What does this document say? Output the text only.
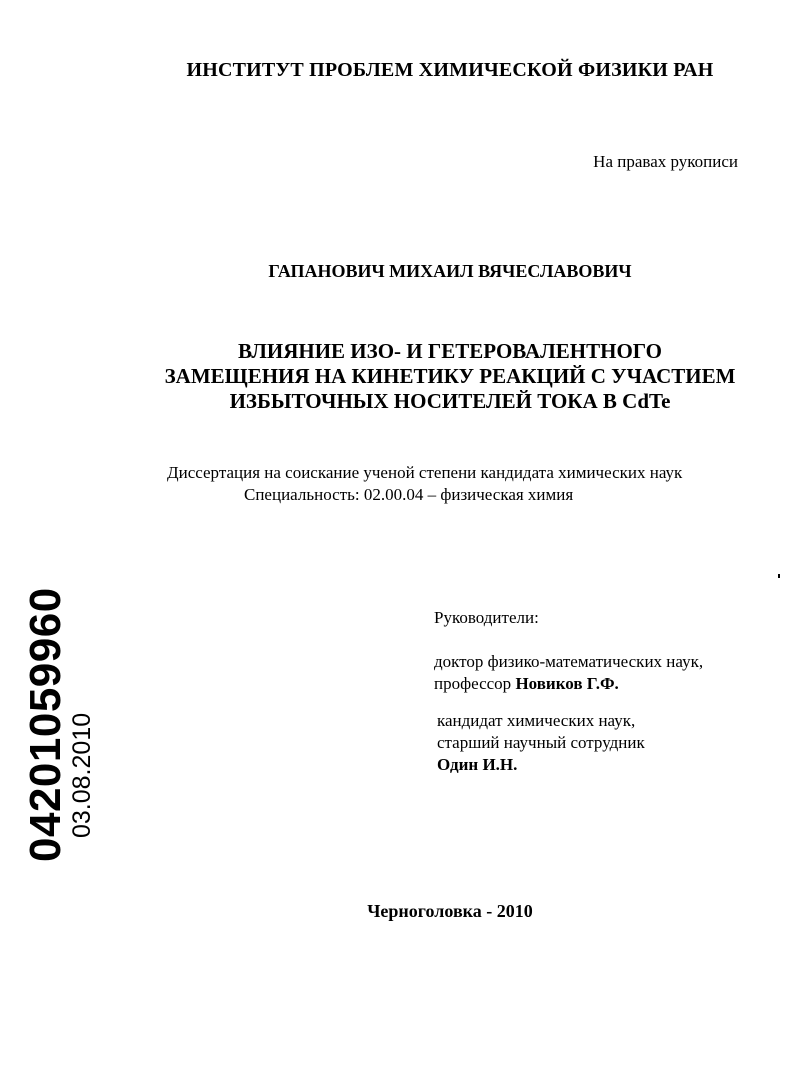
ИНСТИТУТ ПРОБЛЕМ ХИМИЧЕСКОЙ ФИЗИКИ РАН
На правах рукописи
ГАПАНОВИЧ МИХАИЛ ВЯЧЕСЛАВОВИЧ
ВЛИЯНИЕ ИЗО- И ГЕТЕРОВАЛЕНТНОГО
ЗАМЕЩЕНИЯ НА КИНЕТИКУ РЕАКЦИЙ С УЧАСТИЕМ
ИЗБЫТОЧНЫХ НОСИТЕЛЕЙ ТОКА В CdTe
Диссертация на соискание ученой степени кандидата химических наук
Специальность: 02.00.04 – физическая химия
Руководители:
доктор физико-математических наук,
профессор Новиков Г.Ф.
кандидат химических наук,
старший научный сотрудник
Один И.Н.
Черноголовка - 2010
04201059960
03.08.2010
